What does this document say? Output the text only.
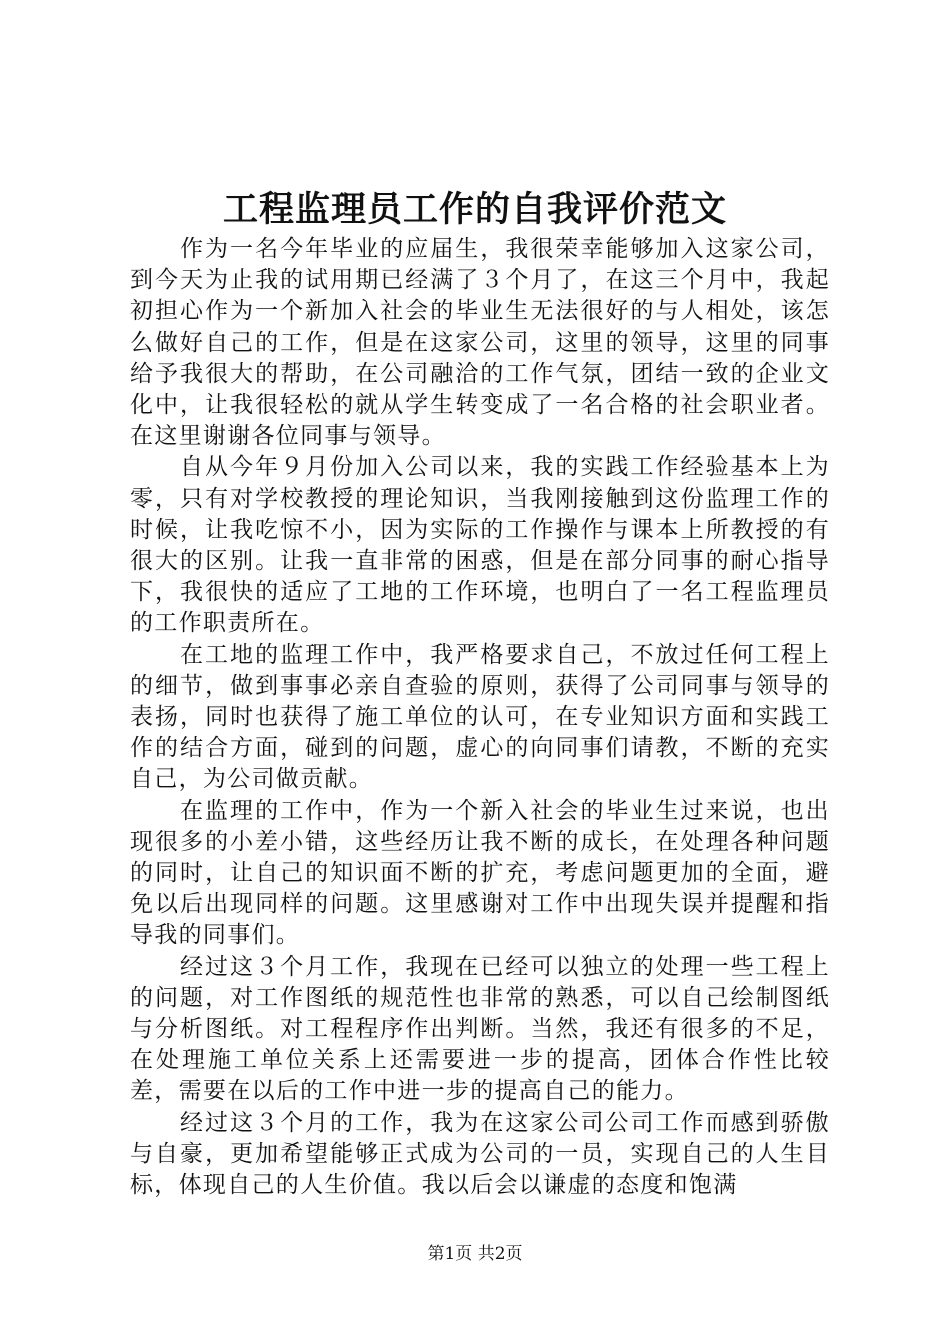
工程监理员工作的自我评价范文

作为一名今年毕业的应届生，我很荣幸能够加入这家公司，到今天为止我的试用期已经满了３个月了，在这三个月中，我起初担心作为一个新加入社会的毕业生无法很好的与人相处，该怎么做好自己的工作，但是在这家公司，这里的领导，这里的同事给予我很大的帮助，在公司融洽的工作气氛，团结一致的企业文化中，让我很轻松的就从学生转变成了一名合格的社会职业者。在这里谢谢各位同事与领导。

自从今年９月份加入公司以来，我的实践工作经验基本上为零，只有对学校教授的理论知识，当我刚接触到这份监理工作的时候，让我吃惊不小，因为实际的工作操作与课本上所教授的有很大的区别。让我一直非常的困惑，但是在部分同事的耐心指导下，我很快的适应了工地的工作环境，也明白了一名工程监理员的工作职责所在。

在工地的监理工作中，我严格要求自己，不放过任何工程上的细节，做到事事必亲自查验的原则，获得了公司同事与领导的表扬，同时也获得了施工单位的认可，在专业知识方面和实践工作的结合方面，碰到的问题，虚心的向同事们请教，不断的充实自己，为公司做贡献。

在监理的工作中，作为一个新入社会的毕业生过来说，也出现很多的小差小错，这些经历让我不断的成长，在处理各种问题的同时，让自己的知识面不断的扩充，考虑问题更加的全面，避免以后出现同样的问题。这里感谢对工作中出现失误并提醒和指导我的同事们。

经过这３个月工作，我现在已经可以独立的处理一些工程上的问题，对工作图纸的规范性也非常的熟悉，可以自己绘制图纸与分析图纸。对工程程序作出判断。当然，我还有很多的不足，在处理施工单位关系上还需要进一步的提高，团体合作性比较差，需要在以后的工作中进一步的提高自己的能力。

经过这３个月的工作，我为在这家公司公司工作而感到骄傲与自豪，更加希望能够正式成为公司的一员，实现自己的人生目标，体现自己的人生价值。我以后会以谦虚的态度和饱满

第1页 共2页
